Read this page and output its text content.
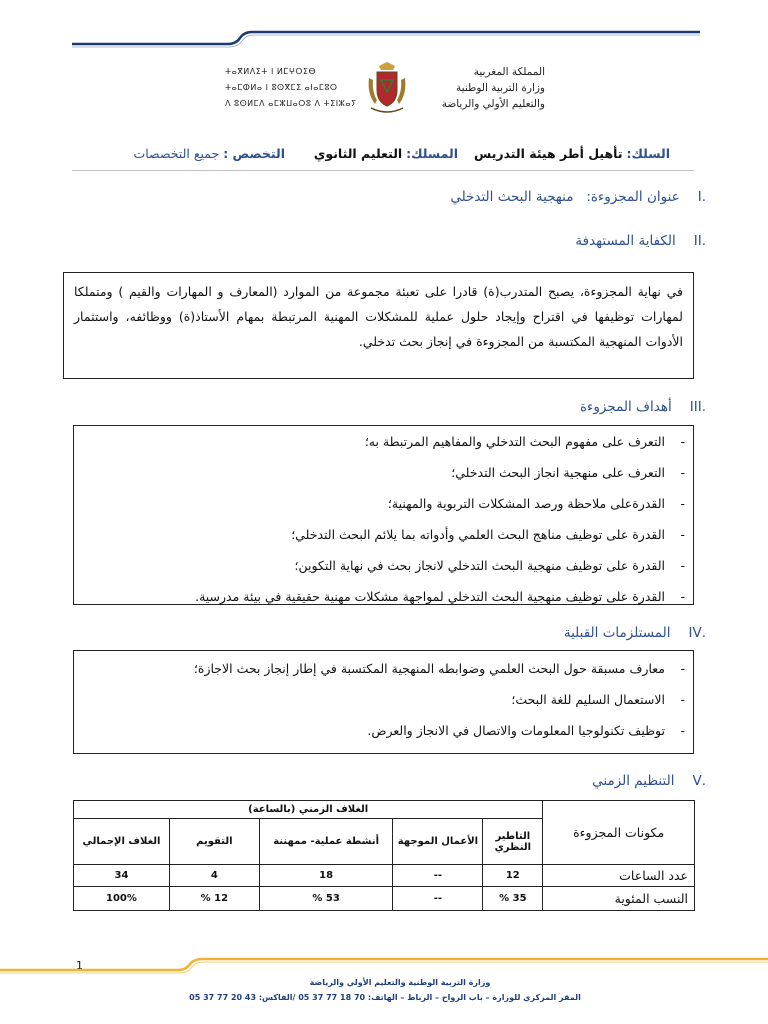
ⵜⴰⴳⵍⴷⵉⵜ ⵏ ⵍⵎⵖⵔⵉⴱ
ⵜⴰⵎⵀⵍⴰ ⵏ ⵓⵙⴳⵎⵉ ⴰⵏⴰⵎⵓⵔ
ⴷ ⵓⵙⵍⵎⴷ ⴰⵎⵣⵡⴰⵔⵓ ⴷ ⵜⵉⵏⵣⴰⵢ
المملكة المغربية
وزارة التربية الوطنية
والتعليم الأولي والرياضة
السلك: تأهيل أطر هيئة التدريس
المسلك: التعليم الثانوي
التخصص : جميع التخصصات
.Iعنوان المجزوءة:   منهجية البحث التدخلي
.IIالكفاية المستهدفة

في نهاية المجزوءة، يصبح المتدرب(ة) قادرا على تعبئة مجموعة من الموارد (المعارف و المهارات والقيم ) ومتملكا لمهارات توظيفها في اقتراح وإيجاد حلول عملية للمشكلات المهنية المرتبطة بمهام الأستاذ(ة) ووظائفه، واستثمار الأدوات المنهجية المكتسبة من المجزوءة في إنجاز بحث تدخلي.

.IIIأهداف المجزوءة
- التعرف على مفهوم البحث التدخلي والمفاهيم المرتبطة به؛
- التعرف على منهجية انجاز البحث التدخلي؛
- القدرةعلى ملاحظة ورصد المشكلات التربوية والمهنية؛
- القدرة على توظيف مناهج البحث العلمي وأدواته بما يلائم البحث التدخلي؛
- القدرة على توظيف منهجية البحث التدخلي لانجاز بحث في نهاية التكوين؛
- القدرة على توظيف منهجية البحث التدخلي لمواجهة مشكلات مهنية حقيقية في بيئة مدرسية.
.IVالمستلزمات القبلية
- معارف مسبقة حول البحث العلمي وضوابطه المنهجية المكتسبة في إطار إنجاز بحث الاجازة؛
- الاستعمال السليم للغة البحث؛
- توظيف تكنولوجيا المعلومات والاتصال في الانجاز والعرض.
.Vالتنظيم الزمني
مكونات المجزوءة	الغلاف الزمني (بالساعة)				
	التاطير النظري	الأعمال الموجهة	أنشطة عملية- ممهننة	التقويم	الغلاف الإجمالي
عدد الساعات	12	--	18	4	34
النسب المئوية	35 %	--	53 %	12 %	100%
1
وزارة التربية الوطنية والتعليم الأولي والرياضة
المقر المركزي للوزارة – باب الرواح – الرباط – الهاتف: 70 18 77 37 05 /الفاكس: 43 20 77 37 05
